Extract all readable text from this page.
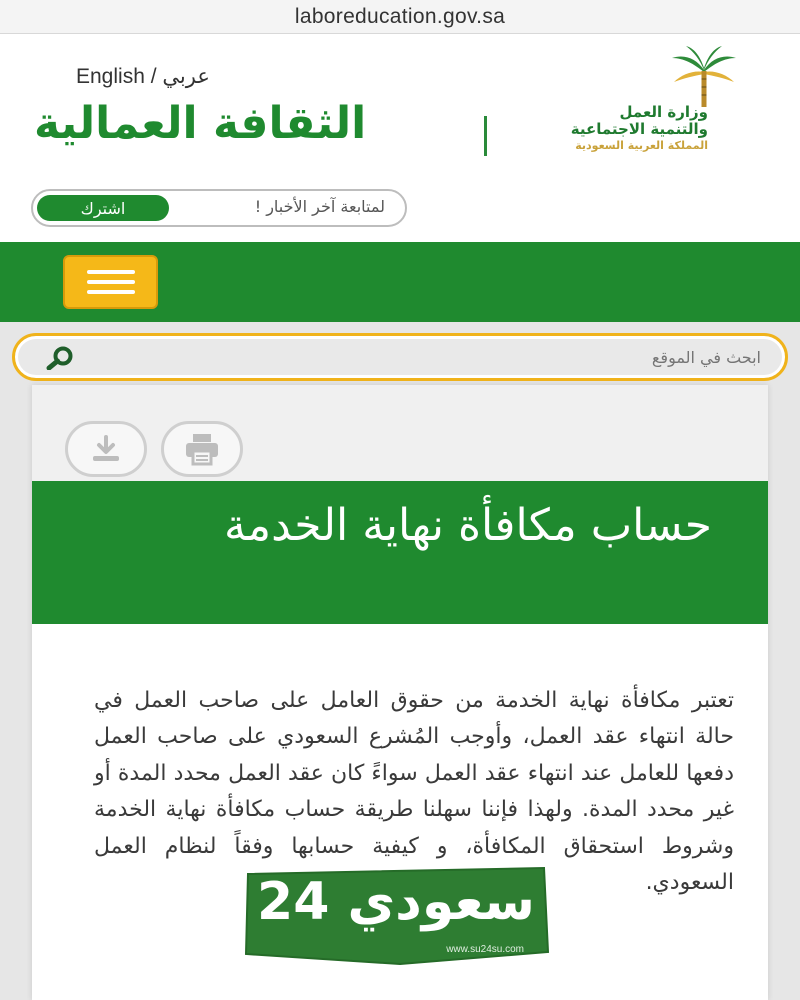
laboreducation.gov.sa
English / عربي
الثقافة العمالية	وزارة العمل
والتنمية الاجتماعية
المملكة العربية السعودية
اشترك	لمتابعة آخر الأخبار !
ابحث في الموقع
حساب مكافأة نهاية الخدمة

تعتبر مكافأة نهاية الخدمة من حقوق العامل على صاحب العمل في حالة انتهاء عقد العمل، وأوجب المُشرع السعودي على صاحب العمل دفعها للعامل عند انتهاء عقد العمل سواءً كان عقد العمل محدد المدة أو غير محدد المدة. ولهذا فإننا سهلنا طريقة حساب مكافأة نهاية الخدمة وشروط استحقاق المكافأة، و كيفية حسابها وفقاً لنظام العمل السعودي.

سعودي 24
www.su24su.com
